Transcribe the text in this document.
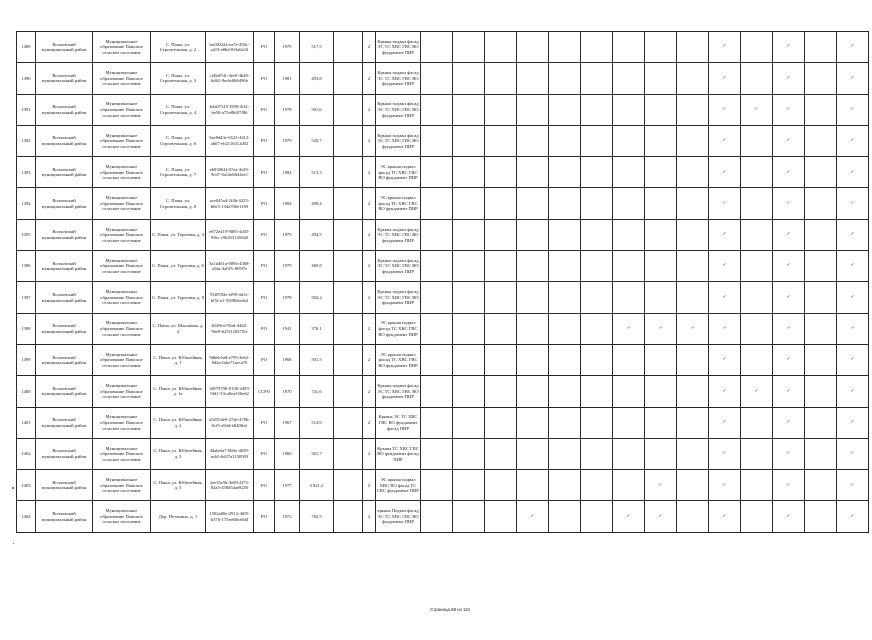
1389	Волховский муниципальный район	Муниципальное образование Пашское сельское поселение	С. Паша, ул. Строительная, д. 2	ba100224-ea7e-450c-a2f3-a86d-8f3a6a34	РО	1979	517,5		2	Крыша подвал фасад ЭС ТС ХВС ГВС ВО фундамент ПИР										✓		✓		✓
1390	Волховский муниципальный район	Муниципальное образование Пашское сельское поселение	С. Паша, ул. Строительная, д. 3	cf4bd7d1-4ee0-4b40-bd62-9ecbdf66496b	РО	1981	493,8		2	Крыша подвал фасад ЭС ТС ХВС ГВС ВО фундамент ПИР										✓		✓		✓
1391	Волховский муниципальный район	Муниципальное образование Пашское сельское поселение	С. Паша, ул. Строительная, д. 4	b4a07315-f598-4cf2-be58-a75e86f07f86	РО	1978	501,6		2	Крыша подвал фасад ЭС ТС ХВС ГВС ВО фундамент ПИР										✓	✓	✓		✓
1392	Волховский муниципальный район	Муниципальное образование Пашское сельское поселение	С. Паша, ул. Строительная, д. 6	5ae8d43e-6523-4412-ab07-eb2116312d02	РО	1979	520,7		2	Крыша подвал фасад ЭС ТС ХВС ГВС ВО фундамент ПИР										✓		✓		✓
1393	Волховский муниципальный район	Муниципальное образование Пашское сельское поселение	С. Паша, ул. Строительная, д. 7	eb93064f-07ea-4e29-9cd7-0a1de6644ee1	РО	1984	513,3		2	ЭС крыша подвал фасад ТС ХВС ГВС ВО фундамент ПИР										✓		✓		✓
1394	Волховский муниципальный район	Муниципальное образование Пашское сельское поселение	С. Паша, ул. Строительная, д. 8	ace045a4-2f4b-4225-b0e5-134a700e1169	РО	1984	498,4		2	ЭС крыша подвал фасад ТС ХВС ГВС ВО фундамент ПИР										✓		✓		✓
1395	Волховский муниципальный район	Муниципальное образование Пашское сельское поселение	С. Паша, ул. Торговая, д. 4	e672e419-9005-4d35-9f6c-c96453145040	РО	1979	494,5		2	Крыша подвал фасад ЭС ТС ХВС ГВС ВО фундамент ПИР										✓		✓		✓
1396	Волховский муниципальный район	Муниципальное образование Пашское сельское поселение	С. Паша, ул. Торговая, д. 6	5a1d461a-0094-4368-a5da-4a0f7cf8397e	РО	1979	469,8		2	Крыша подвал фасад ЭС ТС ХВС ГВС ВО фундамент ПИР										✓		✓		✓
1397	Волховский муниципальный район	Муниципальное образование Пашское сельское поселение	С. Паша, ул. Торговая, д. 8	53f0592e-ef99-4d1e-bf5f-a1-59080aeda3	РО	1978	502,2		2	Крыша подвал фасад ЭС ТС ХВС ГВС ВО фундамент ПИР										✓		✓		✓
1398	Волховский муниципальный район	Муниципальное образование Пашское сельское поселение	С. Паша, ул. Школьная, д. 2	ff4f9e4-95ad-4462-9be9-625f120375fe	РО	1941	376,1		2	ЭС крыша подвал фасад ТС ХВС ГВС ВО фундамент ПИР							✓	✓	✓	✓		✓		✓
1399	Волховский муниципальный район	Муниципальное образование Пашское сельское поселение	С. Паша, ул. Юбилейная, д. 1	9dbeb5a8-e795-4e62-8d2a-fabe71aeca70	РО	1968	501,5		2	ЭС крыша подвал фасад ТС ХВС ГВС ВО фундамент ПИР										✓		✓		✓
1400	Волховский муниципальный район	Муниципальное образование Пашское сельское поселение	С. Паша, ул. Юбилейная, д. 1а	1d979796-0138-4493-9fd1-53ca8ea336ed2	ССРО	1970	741,6		2	Крыша подвал фасад ЭС ТС ХВС ГВС ВО фундамент ПИР										✓	✓	✓		✓
1401	Волховский муниципальный район	Муниципальное образование Пашское сельское поселение	С. Паша, ул. Юбилейная, д. 2	d32554e9-27ab-470b-8cf5-a94d-b8400e2	РО	1967	514,9		2	Крыша ЭС ТС ХВС ГВС ВО фундамент фасад ПИР										✓		✓		✓
1402	Волховский муниципальный район	Муниципальное образование Пашское сельское поселение	С. Паша, ул. Юбилейная, д. 3	44abefa7-0b9e-4039-acb5-6d37a3130993	РО	1960	501,7		2	Крыша ТС ХВС ГВС ВО фундамент фасад ПИР										✓		✓		✓
1403	Волховский муниципальный район	Муниципальное образование Пашское сельское поселение	С. Паша, ул. Юбилейная, д. 5	2ee35e5b-3e00-4f73-82a3-458d54ae8250	РО	1977	3 821,2		5	ЭС крыша подвал ХВС ВО фасад ТС ГВС фундамент ПИР								✓		✓		✓		✓
1404	Волховский муниципальный район	Муниципальное образование Пашское сельское поселение	Дер. Потанино, д. 1	1582a00e-2912-4f05-b376-175ee60ea8d4	РО	1972	782,5		2	крыша Подвал фасад ЭС ТС ХВС ГВС ВО фундамент ПИР				✓			✓	✓		✓		✓		✓
Страница 88 из 110
